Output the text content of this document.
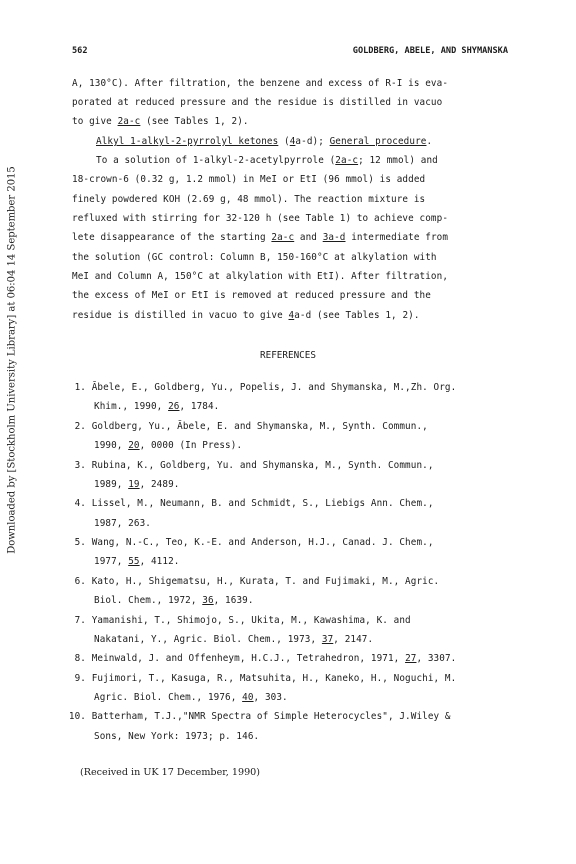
Downloaded by [Stockholm University Library] at 06:04 14 September 2015
562	GOLDBERG, ABELE, AND SHYMANSKA
A, 130°C). After filtration, the benzene and excess of R-I is eva-
porated at reduced pressure and the residue is distilled in vacuo
to give 2a-c (see Tables 1, 2).
Alkyl 1-alkyl-2-pyrrolyl ketones (4a-d); General procedure.
To a solution of 1-alkyl-2-acetylpyrrole (2a-c; 12 mmol) and
18-crown-6 (0.32 g, 1.2 mmol) in MeI or EtI (96 mmol) is added
finely powdered KOH (2.69 g, 48 mmol). The reaction mixture is
refluxed with stirring for 32-120 h (see Table 1) to achieve comp-
lete disappearance of the starting 2a-c and 3a-d intermediate from
the solution (GC control: Column B, 150-160°C at alkylation with
MeI and Column A, 150°C at alkylation with EtI). After filtration,
the excess of MeI or EtI is removed at reduced pressure and the
residue is distilled in vacuo to give 4a-d (see Tables 1, 2).
REFERENCES
1. Ābele, E., Goldberg, Yu., Popelis, J. and Shymanska, M.,Zh. Org.
Khim., 1990, 26, 1784.
2. Goldberg, Yu., Ābele, E. and Shymanska, M., Synth. Commun.,
1990, 20, 0000 (In Press).
3. Rubina, K., Goldberg, Yu. and Shymanska, M., Synth. Commun.,
1989, 19, 2489.
4. Lissel, M., Neumann, B. and Schmidt, S., Liebigs Ann. Chem.,
1987, 263.
5. Wang, N.-C., Teo, K.-E. and Anderson, H.J., Canad. J. Chem.,
1977, 55, 4112.
6. Kato, H., Shigematsu, H., Kurata, T. and Fujimaki, M., Agric.
Biol. Chem., 1972, 36, 1639.
7. Yamanishi, T., Shimojo, S., Ukita, M., Kawashima, K. and
Nakatani, Y., Agric. Biol. Chem., 1973, 37, 2147.
8. Meinwald, J. and Offenheym, H.C.J., Tetrahedron, 1971, 27, 3307.
9. Fujimori, T., Kasuga, R., Matsuhita, H., Kaneko, H., Noguchi, M.
Agric. Biol. Chem., 1976, 40, 303.
10. Batterham, T.J.,"NMR Spectra of Simple Heterocycles", J.Wiley &
Sons, New York: 1973; p. 146.
(Received in UK 17 December, 1990)
